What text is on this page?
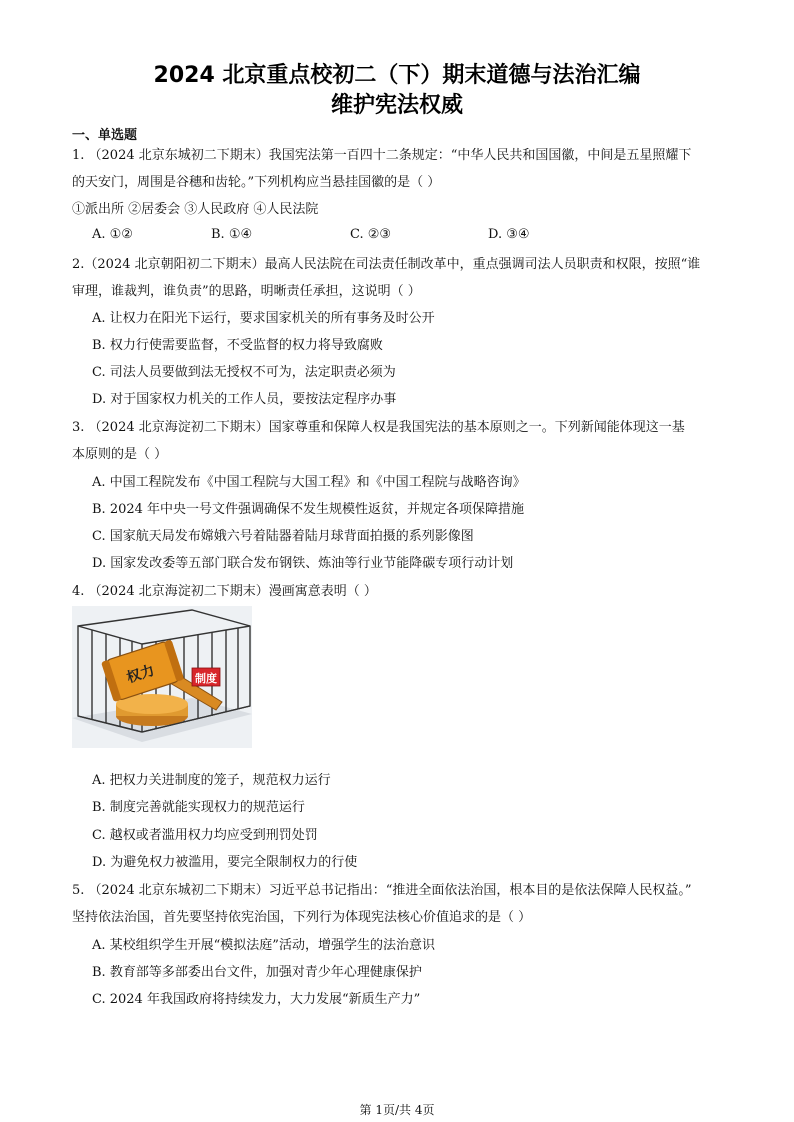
2024 北京重点校初二（下）期末道德与法治汇编
维护宪法权威
一、单选题
1. （2024 北京东城初二下期末）我国宪法第一百四十二条规定：“中华人民共和国国徽，中间是五星照耀下
的天安门，周围是谷穗和齿轮。”下列机构应当悬挂国徽的是（ ）
①派出所 ②居委会 ③人民政府 ④人民法院
A. ①②	B. ①④	C. ②③	D. ③④
2.（2024 北京朝阳初二下期末）最高人民法院在司法责任制改革中，重点强调司法人员职责和权限，按照“谁
审理，谁裁判，谁负责”的思路，明晰责任承担，这说明（ ）
A. 让权力在阳光下运行，要求国家机关的所有事务及时公开
B. 权力行使需要监督，不受监督的权力将导致腐败
C. 司法人员要做到法无授权不可为，法定职责必须为
D. 对于国家权力机关的工作人员，要按法定程序办事
3. （2024 北京海淀初二下期末）国家尊重和保障人权是我国宪法的基本原则之一。下列新闻能体现这一基
本原则的是（ ）
A. 中国工程院发布《中国工程院与大国工程》和《中国工程院与战略咨询》
B. 2024 年中央一号文件强调确保不发生规模性返贫，并规定各项保障措施
C. 国家航天局发布嫦娥六号着陆器着陆月球背面拍摄的系列影像图
D. 国家发改委等五部门联合发布钢铁、炼油等行业节能降碳专项行动计划
4. （2024 北京海淀初二下期末）漫画寓意表明（ ）
权力	制度
A. 把权力关进制度的笼子，规范权力运行
B. 制度完善就能实现权力的规范运行
C. 越权或者滥用权力均应受到刑罚处罚
D. 为避免权力被滥用，要完全限制权力的行使
5. （2024 北京东城初二下期末）习近平总书记指出：“推进全面依法治国，根本目的是依法保障人民权益。”
坚持依法治国，首先要坚持依宪治国，下列行为体现宪法核心价值追求的是（ ）
A. 某校组织学生开展“模拟法庭”活动，增强学生的法治意识
B. 教育部等多部委出台文件，加强对青少年心理健康保护
C. 2024 年我国政府将持续发力，大力发展“新质生产力”
第 1页/共 4页
